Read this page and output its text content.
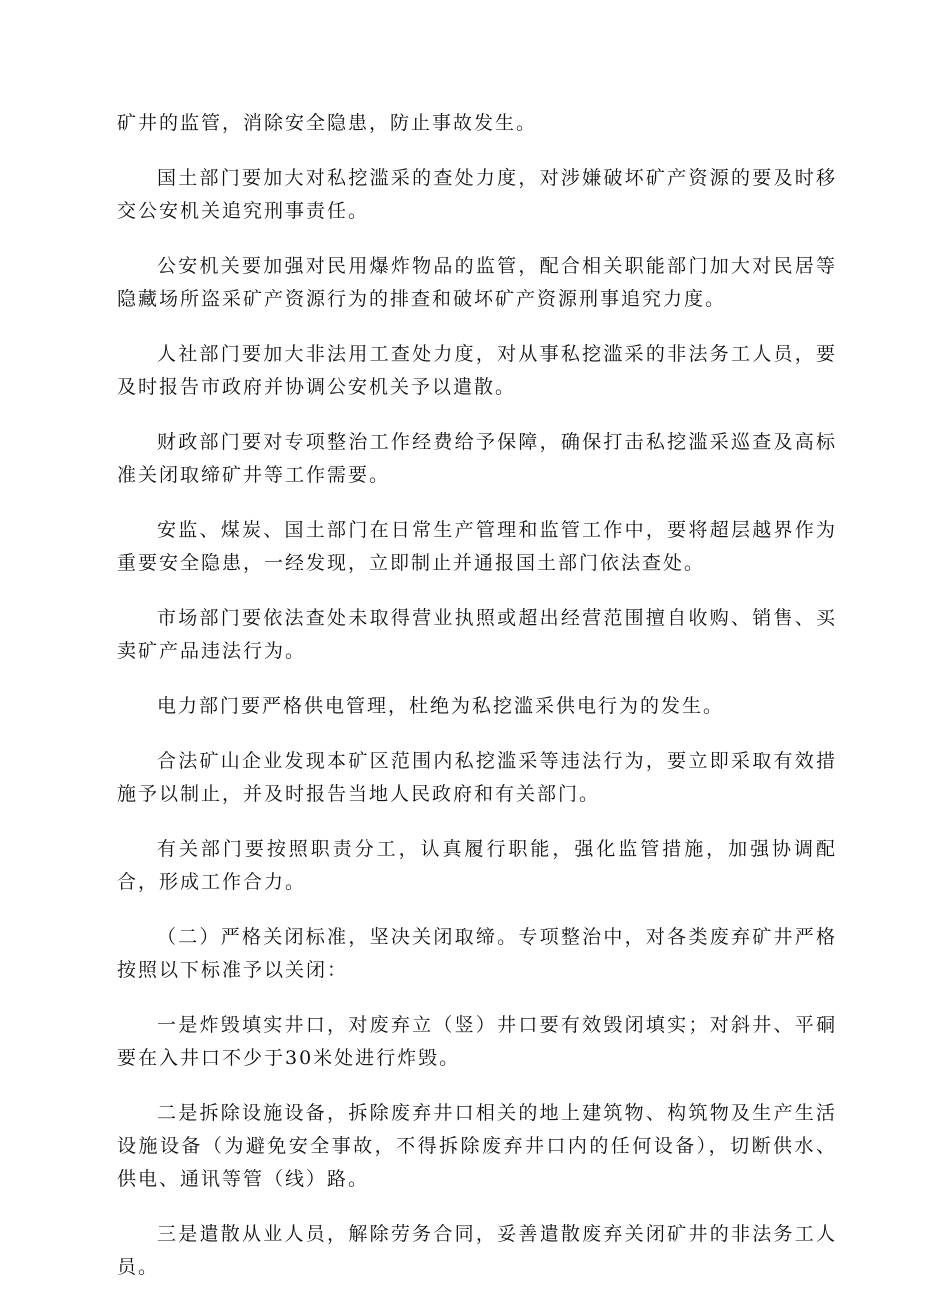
矿井的监管，消除安全隐患，防止事故发生。

国土部门要加大对私挖滥采的查处力度，对涉嫌破坏矿产资源的要及时移交公安机关追究刑事责任。

公安机关要加强对民用爆炸物品的监管，配合相关职能部门加大对民居等隐藏场所盗采矿产资源行为的排查和破坏矿产资源刑事追究力度。

人社部门要加大非法用工查处力度，对从事私挖滥采的非法务工人员，要及时报告市政府并协调公安机关予以遣散。

财政部门要对专项整治工作经费给予保障，确保打击私挖滥采巡查及高标准关闭取缔矿井等工作需要。

安监、煤炭、国土部门在日常生产管理和监管工作中，要将超层越界作为重要安全隐患，一经发现，立即制止并通报国土部门依法查处。

市场部门要依法查处未取得营业执照或超出经营范围擅自收购、销售、买卖矿产品违法行为。

电力部门要严格供电管理，杜绝为私挖滥采供电行为的发生。

合法矿山企业发现本矿区范围内私挖滥采等违法行为，要立即采取有效措施予以制止，并及时报告当地人民政府和有关部门。

有关部门要按照职责分工，认真履行职能，强化监管措施，加强协调配合，形成工作合力。

（二）严格关闭标准，坚决关闭取缔。专项整治中，对各类废弃矿井严格按照以下标准予以关闭：

一是炸毁填实井口，对废弃立（竖）井口要有效毁闭填实；对斜井、平硐要在入井口不少于30米处进行炸毁。

二是拆除设施设备，拆除废弃井口相关的地上建筑物、构筑物及生产生活设施设备（为避免安全事故，不得拆除废弃井口内的任何设备），切断供水、供电、通讯等管（线）路。

三是遣散从业人员，解除劳务合同，妥善遣散废弃关闭矿井的非法务工人员。
